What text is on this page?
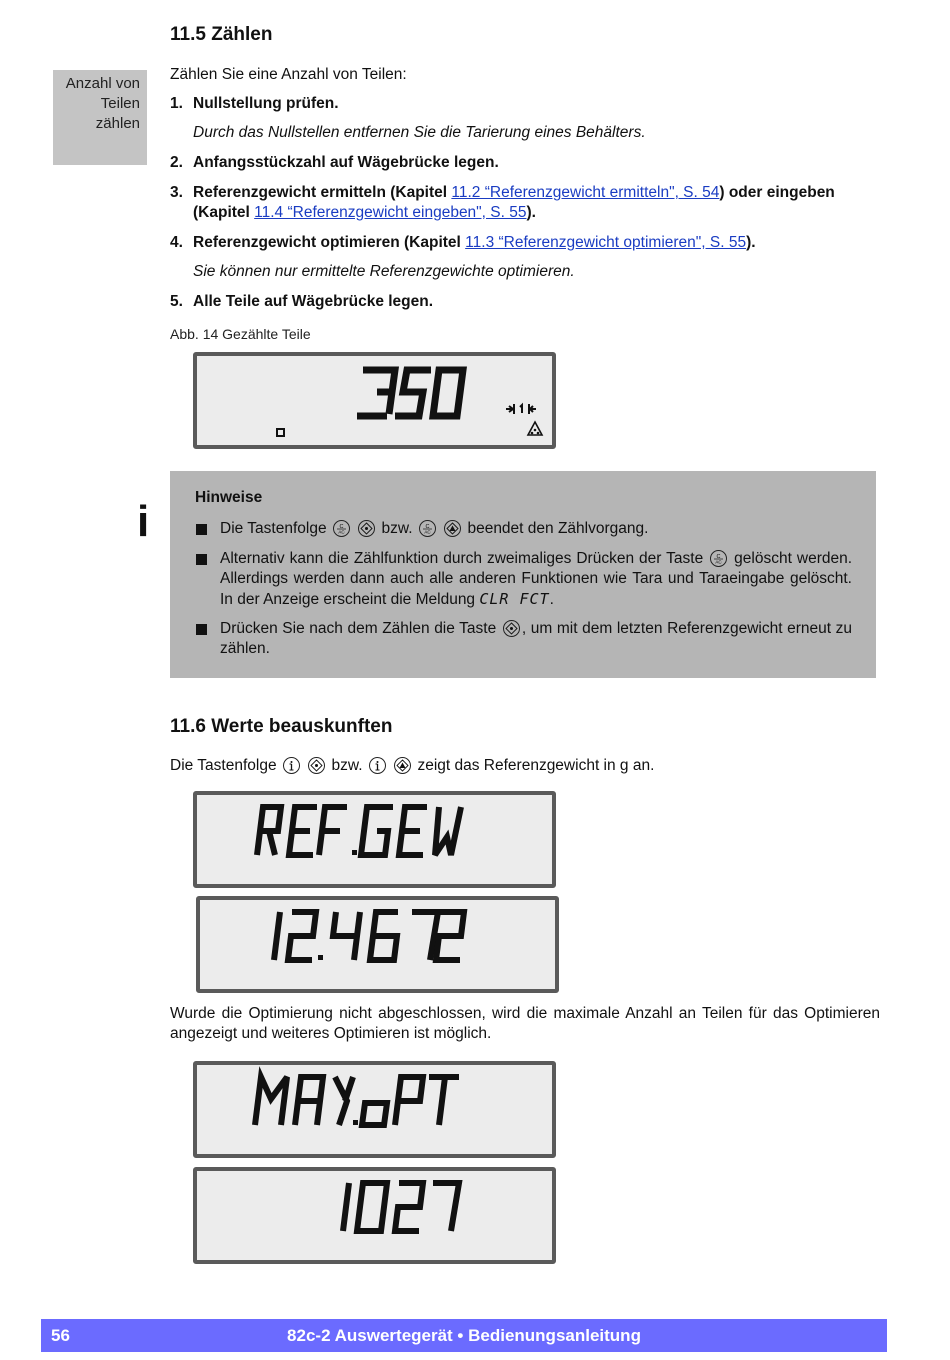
11.5 Zählen
Anzahl von
Teilen
zählen
Zählen Sie eine Anzahl von Teilen:
1. Nullstellung prüfen.
Durch das Nullstellen entfernen Sie die Tarierung eines Behälters.
2. Anfangsstückzahl auf Wägebrücke legen.
3. Referenzgewicht ermitteln (Kapitel 11.2 “Referenzgewicht ermitteln", S. 54) oder eingeben (Kapitel 11.4 “Referenzgewicht eingeben", S. 55).
4. Referenzgewicht optimieren (Kapitel 11.3 “Referenzgewicht optimieren", S. 55).
Sie können nur ermittelte Referenzgewichte optimieren.
5. Alle Teile auf Wägebrücke legen.
Abb. 14 Gezählte Teile
i	Hinweise
Die Tastenfolge C
AC
bzw. C
AC
beendet den Zählvorgang.
Alternativ kann die Zählfunktion durch zweimaliges Drücken der Taste C
AC gelöscht werden. Allerdings werden dann auch alle anderen Funktionen wie Tara und Taraeingabe gelöscht. In der Anzeige erscheint die Meldung CLR FCT.
Drücken Sie nach dem Zählen die Taste , um mit dem letzten Referenzgewicht erneut zu zählen.
11.6 Werte beauskunften
Die Tastenfolge
	bzw.
	zeigt das Referenzgewicht in g an.
Wurde die Optimierung nicht abgeschlossen, wird die maximale Anzahl an Teilen für das Optimieren angezeigt und weiteres Optimieren ist möglich.
82c-2 Auswertegerät • Bedienungsanleitung
56
